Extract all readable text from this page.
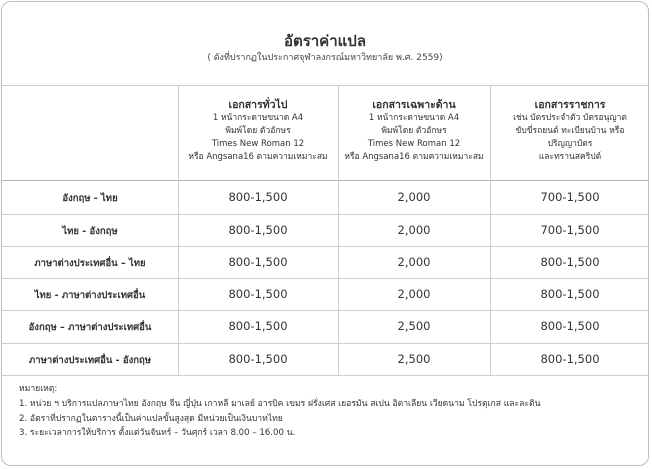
อัตราค่าแปล
( ดังที่ปรากฏในประกาศจุฬาลงกรณ์มหาวิทยาลัย พ.ศ. 2559)
เอกสารทั่วไป
1 หน้ากระดาษขนาด A4
พิมพ์โดย ตัวอักษร
Times New Roman 12
หรือ Angsana16 ตามความเหมาะสม
เอกสารเฉพาะด้าน
1 หน้ากระดาษขนาด A4
พิมพ์โดย ตัวอักษร
Times New Roman 12
หรือ Angsana16 ตามความเหมาะสม
เอกสารราชการ
เช่น บัตรประจำตัว บัตรอนุญาต
ขับขี่รถยนต์ ทะเบียนบ้าน หรือ
ปริญญาบัตร
และทรานสคริปต์
อังกฤษ - ไทย	800-1,500	2,000	700-1,500
ไทย - อังกฤษ	800-1,500	2,000	700-1,500
ภาษาต่างประเทศอื่น – ไทย	800-1,500	2,000	800-1,500
ไทย - ภาษาต่างประเทศอื่น	800-1,500	2,000	800-1,500
อังกฤษ – ภาษาต่างประเทศอื่น	800-1,500	2,500	800-1,500
ภาษาต่างประเทศอื่น - อังกฤษ	800-1,500	2,500	800-1,500
หมายเหตุ:
1. หน่วย ฯ บริการแปลภาษาไทย อังกฤษ จีน ญี่ปุ่น เกาหลี มาเลย์ อารบิค เขมร ฝรั่งเศส เยอรมัน สเปน อิตาเลียน เวียดนาม โปรตุเกส และละติน
2. อัตราที่ปรากฏในตารางนี้เป็นค่าแปลขั้นสูงสุด มีหน่วยเป็นเงินบาทไทย
3. ระยะเวลาการให้บริการ ตั้งแต่วันจันทร์ – วันศุกร์ เวลา 8.00 – 16.00 น.
